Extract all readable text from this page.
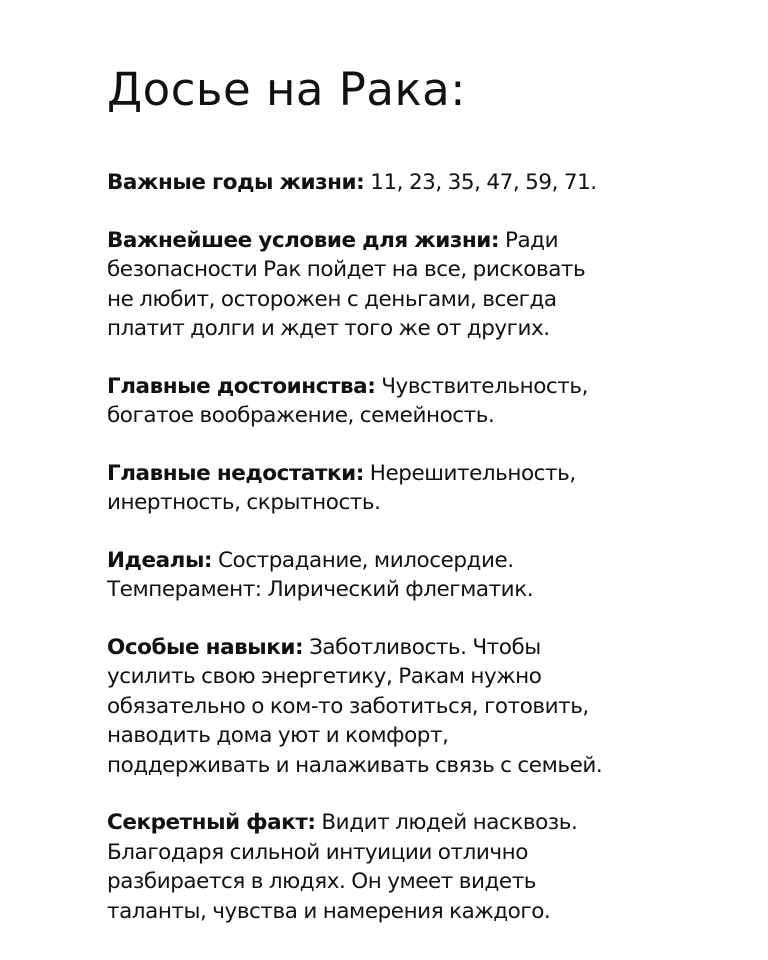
Досье на Рака:
Важные годы жизни: 11, 23, 35, 47, 59, 71.
Важнейшее условие для жизни: Ради
безопасности Рак пойдет на все, рисковать
не любит, осторожен с деньгами, всегда
платит долги и ждет того же от других.
Главные достоинства: Чувствительность,
богатое воображение, семейность.
Главные недостатки: Нерешительность,
инертность, скрытность.
Идеалы: Сострадание, милосердие.
Темперамент: Лирический флегматик.
Особые навыки: Заботливость. Чтобы
усилить свою энергетику, Ракам нужно
обязательно о ком-то заботиться, готовить,
наводить дома уют и комфорт,
поддерживать и налаживать связь с семьей.
Секретный факт: Видит людей насквозь.
Благодаря сильной интуиции отлично
разбирается в людях. Он умеет видеть
таланты, чувства и намерения каждого.
